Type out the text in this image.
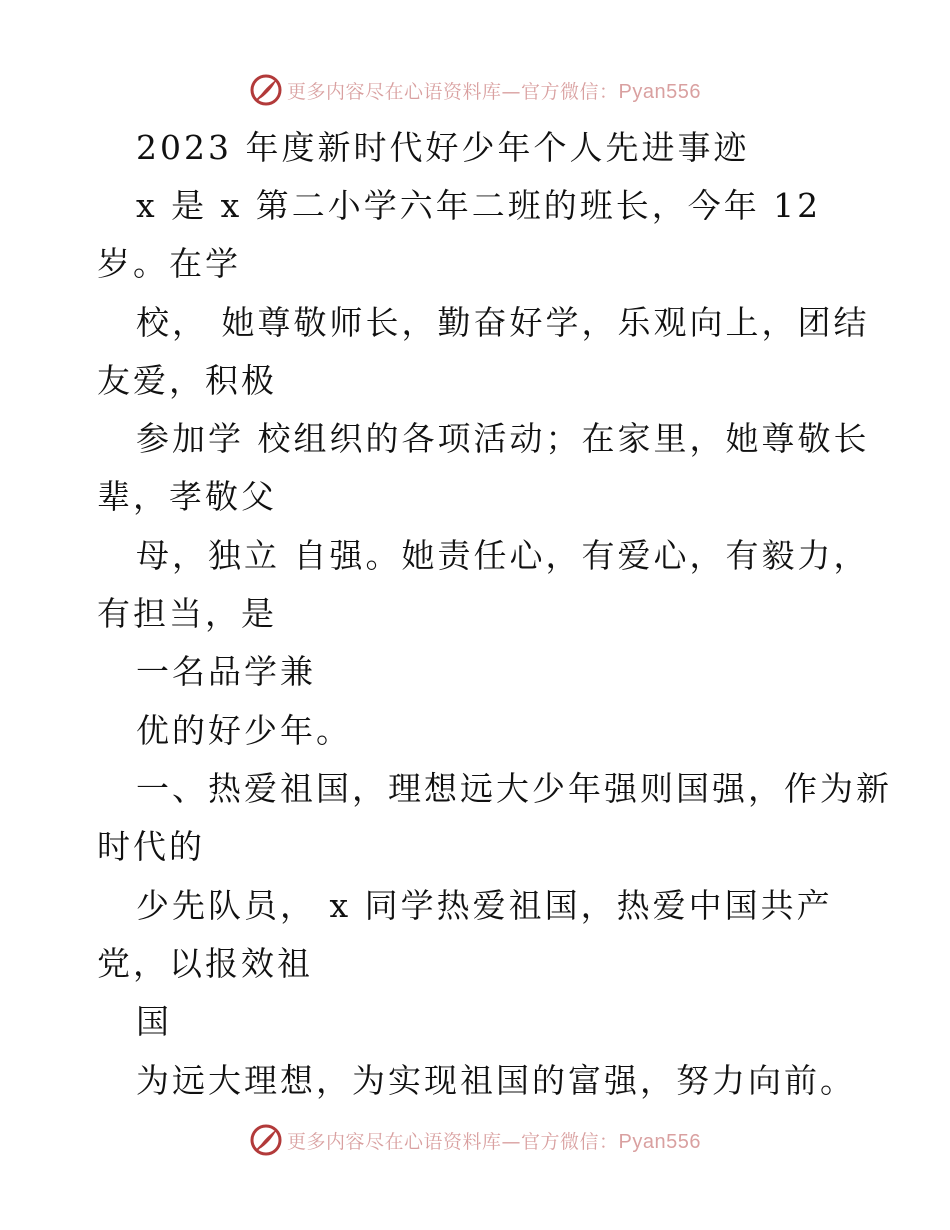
更多内容尽在心语资料库—官方微信：Pyan556
2023 年度新时代好少年个人先进事迹
x 是 x 第二小学六年二班的班长，今年 12
岁。在学
校， 她尊敬师长，勤奋好学，乐观向上，团结
友爱，积极
参加学 校组织的各项活动；在家里，她尊敬长
辈，孝敬父
母，独立 自强。她责任心，有爱心，有毅力，
有担当，是
一名品学兼
优的好少年。
一、热爱祖国，理想远大少年强则国强，作为新
时代的
少先队员， x 同学热爱祖国，热爱中国共产
党，以报效祖
国
为远大理想，为实现祖国的富强，努力向前。
更多内容尽在心语资料库—官方微信：Pyan556
